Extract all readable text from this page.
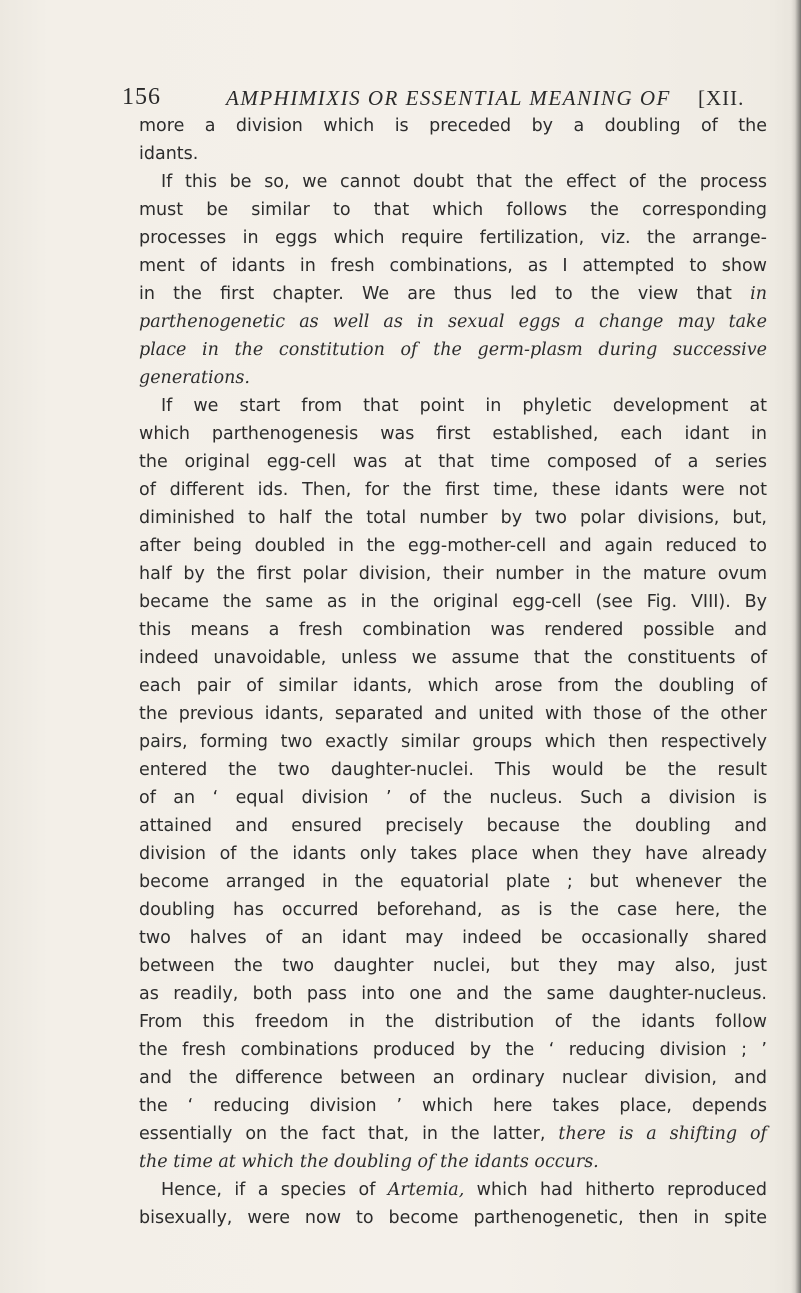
156	AMPHIMIXIS OR ESSENTIAL MEANING OF [XII.
more a division which is preceded by a doubling of the
idants.
If this be so, we cannot doubt that the effect of the process
must be similar to that which follows the corresponding
processes in eggs which require fertilization, viz. the arrange-
ment of idants in fresh combinations, as I attempted to show
in the first chapter. We are thus led to the view that in
parthenogenetic as well as in sexual eggs a change may take
place in the constitution of the germ-plasm during successive
generations.
If we start from that point in phyletic development at
which parthenogenesis was first established, each idant in
the original egg-cell was at that time composed of a series
of different ids. Then, for the first time, these idants were not
diminished to half the total number by two polar divisions, but,
after being doubled in the egg-mother-cell and again reduced to
half by the first polar division, their number in the mature ovum
became the same as in the original egg-cell (see Fig. VIII). By
this means a fresh combination was rendered possible and
indeed unavoidable, unless we assume that the constituents of
each pair of similar idants, which arose from the doubling of
the previous idants, separated and united with those of the other
pairs, forming two exactly similar groups which then respectively
entered the two daughter-nuclei. This would be the result
of an ‘ equal division ’ of the nucleus. Such a division is
attained and ensured precisely because the doubling and
division of the idants only takes place when they have already
become arranged in the equatorial plate ; but whenever the
doubling has occurred beforehand, as is the case here, the
two halves of an idant may indeed be occasionally shared
between the two daughter nuclei, but they may also, just
as readily, both pass into one and the same daughter-nucleus.
From this freedom in the distribution of the idants follow
the fresh combinations produced by the ‘ reducing division ; ’
and the difference between an ordinary nuclear division, and
the ‘ reducing division ’ which here takes place, depends
essentially on the fact that, in the latter, there is a shifting of
the time at which the doubling of the idants occurs.
Hence, if a species of Artemia, which had hitherto reproduced
bisexually, were now to become parthenogenetic, then in spite
